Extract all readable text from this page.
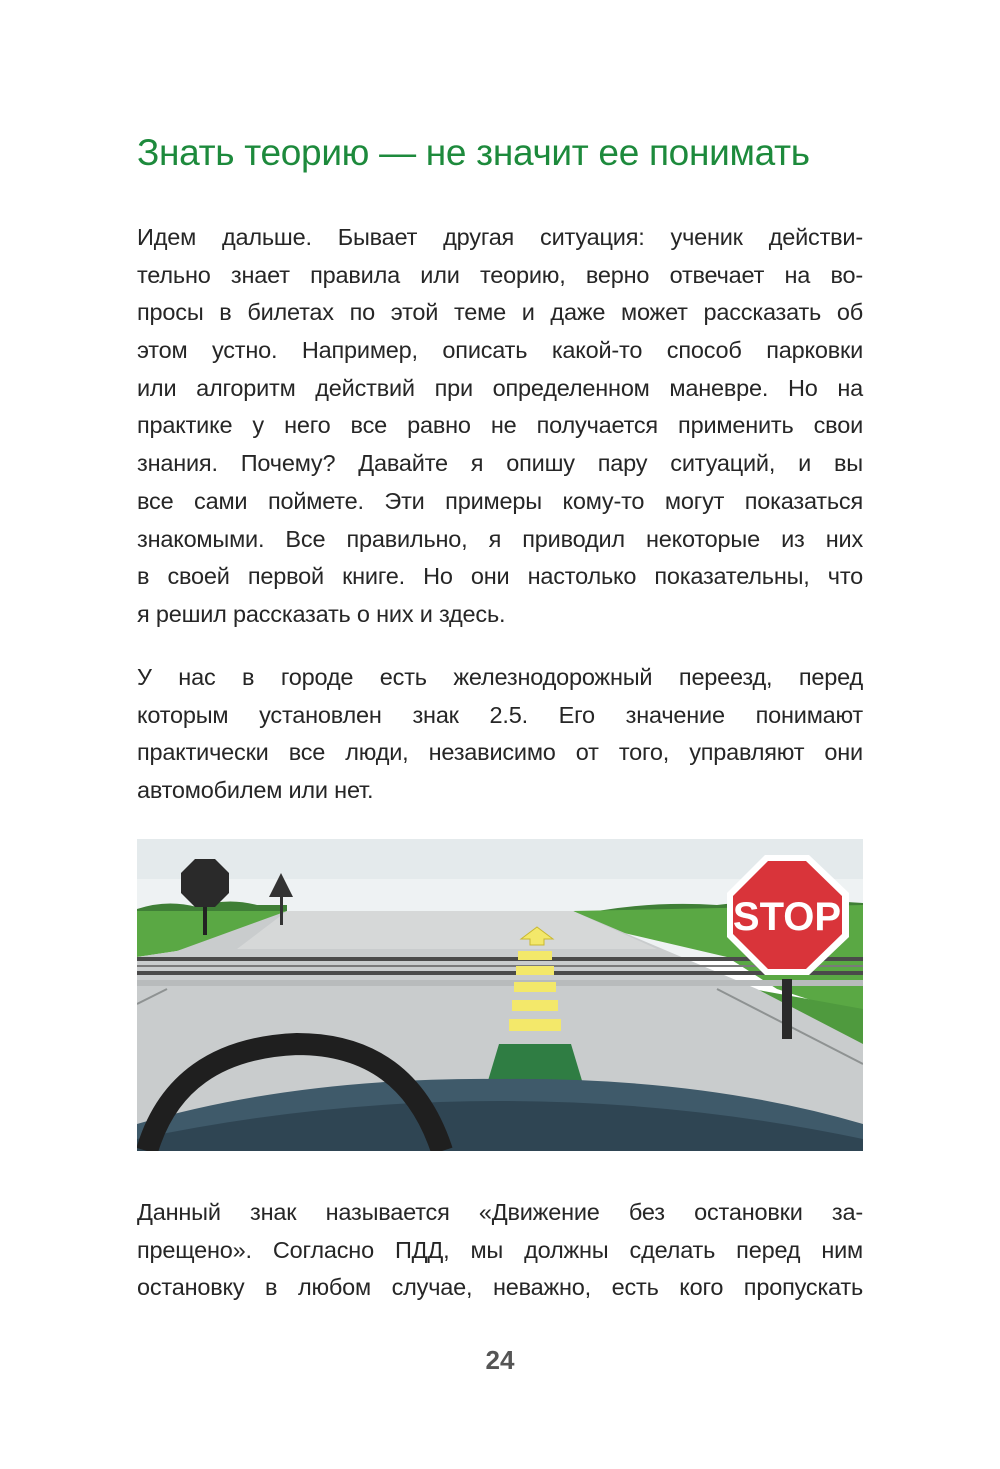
Знать теорию — не значит ее понимать
Идем дальше. Бывает другая ситуация: ученик действи-
тельно знает правила или теорию, верно отвечает на во-
просы в билетах по этой теме и даже может рассказать об
этом устно. Например, описать какой-то способ парковки
или алгоритм действий при определенном маневре. Но на
практике у него все равно не получается применить свои
знания. Почему? Давайте я опишу пару ситуаций, и вы
все сами поймете. Эти примеры кому-то могут показаться
знакомыми. Все правильно, я приводил некоторые из них
в своей первой книге. Но они настолько показательны, что
я решил рассказать о них и здесь.
У нас в городе есть железнодорожный переезд, перед
которым установлен знак 2.5. Его значение понимают
практически все люди, независимо от того, управляют они
автомобилем или нет.
STOP
Данный знак называется «Движение без остановки за-
прещено». Согласно ПДД, мы должны сделать перед ним
остановку в любом случае, неважно, есть кого пропускать
24
